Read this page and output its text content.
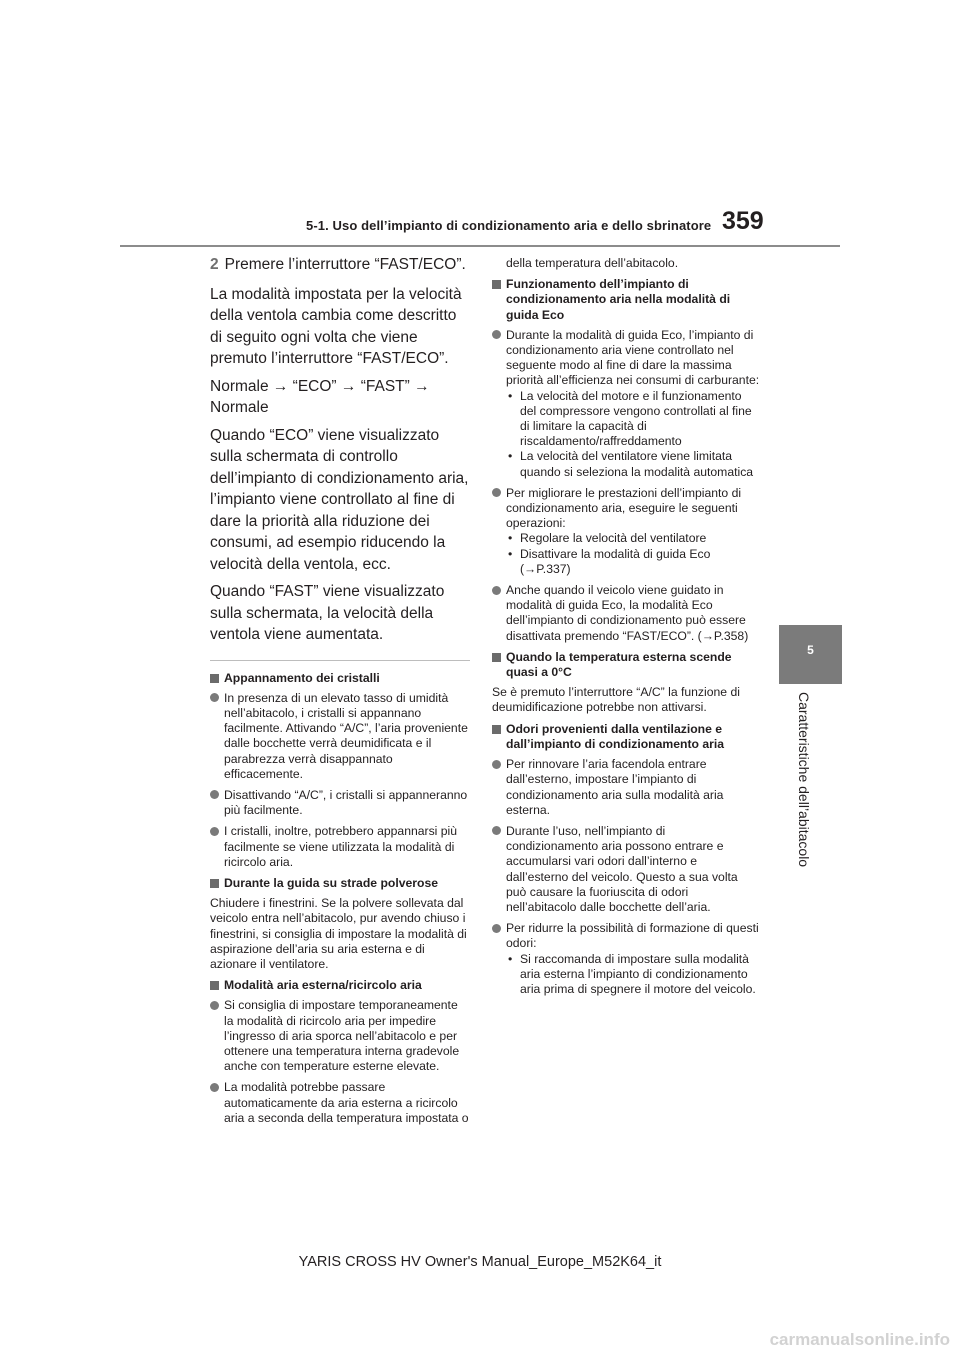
5-1. Uso dell’impianto di condizionamento aria e dello sbrinatore 359
5
Caratteristiche dell’abitacolo

2 Premere l’interruttore “FAST/ECO”.

La modalità impostata per la velocità della ventola cambia come descritto di seguito ogni volta che viene premuto l’interruttore “FAST/ECO”.

Normale → “ECO” → “FAST” → Normale

Quando “ECO” viene visualizzato sulla schermata di controllo dell’impianto di condizionamento aria, l’impianto viene controllato al fine di dare la priorità alla riduzione dei consumi, ad esempio riducendo la velocità della ventola, ecc.

Quando “FAST” viene visualizzato sulla schermata, la velocità della ventola viene aumentata.

Appannamento dei cristalli
In presenza di un elevato tasso di umidità nell’abitacolo, i cristalli si appannano facilmente. Attivando “A/C”, l’aria proveniente dalle bocchette verrà deumidificata e il parabrezza verrà disappannato efficacemente.
Disattivando “A/C”, i cristalli si appanneranno più facilmente.
I cristalli, inoltre, potrebbero appannarsi più facilmente se viene utilizzata la modalità di ricircolo aria.
Durante la guida su strade polverose
Chiudere i finestrini. Se la polvere sollevata dal veicolo entra nell’abitacolo, pur avendo chiuso i finestrini, si consiglia di impostare la modalità di aspirazione dell’aria su aria esterna e di azionare il ventilatore.
Modalità aria esterna/ricircolo aria
Si consiglia di impostare temporaneamente la modalità di ricircolo aria per impedire l’ingresso di aria sporca nell’abitacolo e per ottenere una temperatura interna gradevole anche con temperature esterne elevate.
La modalità potrebbe passare automaticamente da aria esterna a ricircolo aria a seconda della temperatura impostata o
della temperatura dell’abitacolo.
Funzionamento dell’impianto di condizionamento aria nella modalità di guida Eco
Durante la modalità di guida Eco, l’impianto di condizionamento aria viene controllato nel seguente modo al fine di dare la massima priorità all’efficienza nei consumi di carburante:
• La velocità del motore e il funzionamento del compressore vengono controllati al fine di limitare la capacità di riscaldamento/raffreddamento
• La velocità del ventilatore viene limitata quando si seleziona la modalità automatica
Per migliorare le prestazioni dell’impianto di condizionamento aria, eseguire le seguenti operazioni:
• Regolare la velocità del ventilatore
• Disattivare la modalità di guida Eco (→P.337)
Anche quando il veicolo viene guidato in modalità di guida Eco, la modalità Eco dell’impianto di condizionamento può essere disattivata premendo “FAST/ECO”. (→P.358)
Quando la temperatura esterna scende quasi a 0°C
Se è premuto l’interruttore “A/C” la funzione di deumidificazione potrebbe non attivarsi.
Odori provenienti dalla ventilazione e dall’impianto di condizionamento aria
Per rinnovare l’aria facendola entrare dall’esterno, impostare l’impianto di condizionamento aria sulla modalità aria esterna.
Durante l’uso, nell’impianto di condizionamento aria possono entrare e accumularsi vari odori dall’interno e dall’esterno del veicolo. Questo a sua volta può causare la fuoriuscita di odori nell’abitacolo dalle bocchette dell’aria.
Per ridurre la possibilità di formazione di questi odori:
• Si raccomanda di impostare sulla modalità aria esterna l’impianto di condizionamento aria prima di spegnere il motore del veicolo.
YARIS CROSS HV Owner's Manual_Europe_M52K64_it
carmanualsonline.info
